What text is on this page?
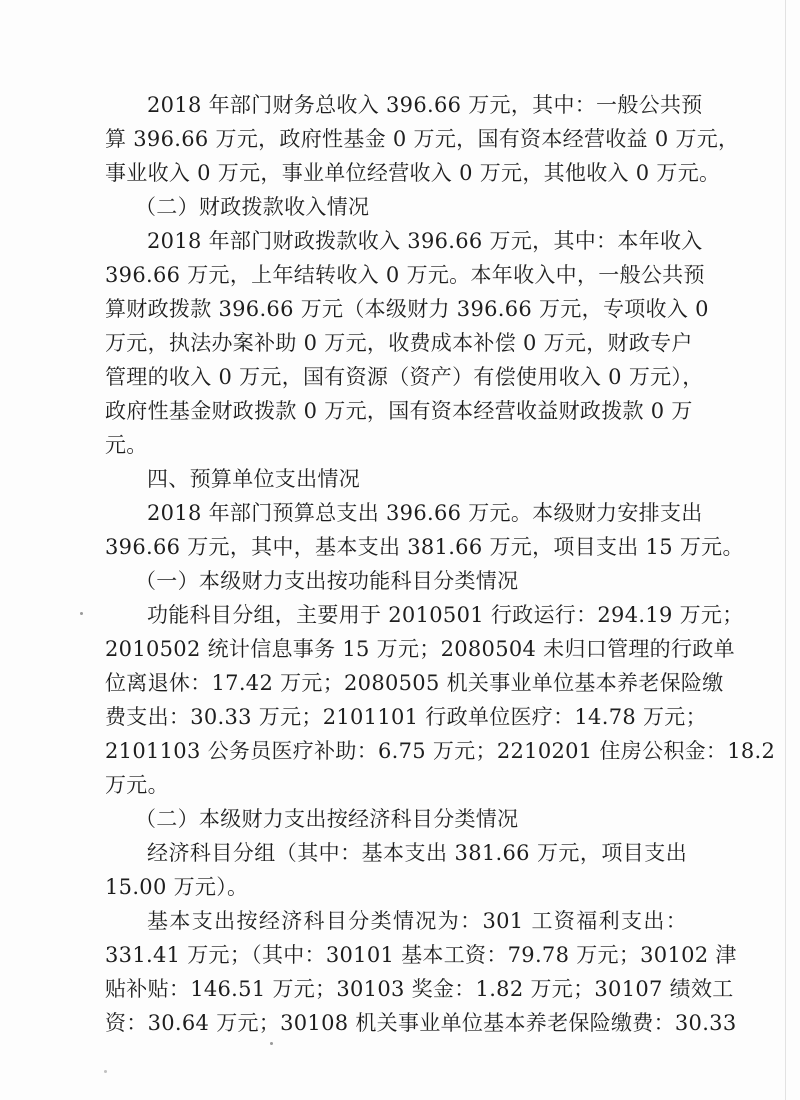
2018 年部门财务总收入 396.66 万元，其中：一般公共预
算 396.66 万元，政府性基金 0 万元，国有资本经营收益 0 万元，
事业收入 0 万元，事业单位经营收入 0 万元，其他收入 0 万元。
（二）财政拨款收入情况
2018 年部门财政拨款收入 396.66 万元，其中：本年收入
396.66 万元，上年结转收入 0 万元。本年收入中，一般公共预
算财政拨款 396.66 万元（本级财力 396.66 万元，专项收入 0
万元，执法办案补助 0 万元，收费成本补偿 0 万元，财政专户
管理的收入 0 万元，国有资源（资产）有偿使用收入 0 万元），
政府性基金财政拨款 0 万元，国有资本经营收益财政拨款 0 万
元。
四、预算单位支出情况
2018 年部门预算总支出 396.66 万元。本级财力安排支出
396.66 万元，其中，基本支出 381.66 万元，项目支出 15 万元。
（一）本级财力支出按功能科目分类情况
功能科目分组，主要用于 2010501 行政运行：294.19 万元；
2010502 统计信息事务 15 万元；2080504 未归口管理的行政单
位离退休：17.42 万元；2080505 机关事业单位基本养老保险缴
费支出：30.33 万元；2101101 行政单位医疗：14.78 万元；
2101103 公务员医疗补助：6.75 万元；2210201 住房公积金：18.2
万元。
（二）本级财力支出按经济科目分类情况
经济科目分组（其中：基本支出 381.66 万元，项目支出
15.00 万元）。
基本支出按经济科目分类情况为：301 工资福利支出：
331.41 万元；（其中：30101 基本工资：79.78 万元；30102 津
贴补贴：146.51 万元；30103 奖金：1.82 万元；30107 绩效工
资：30.64 万元；30108 机关事业单位基本养老保险缴费：30.33
